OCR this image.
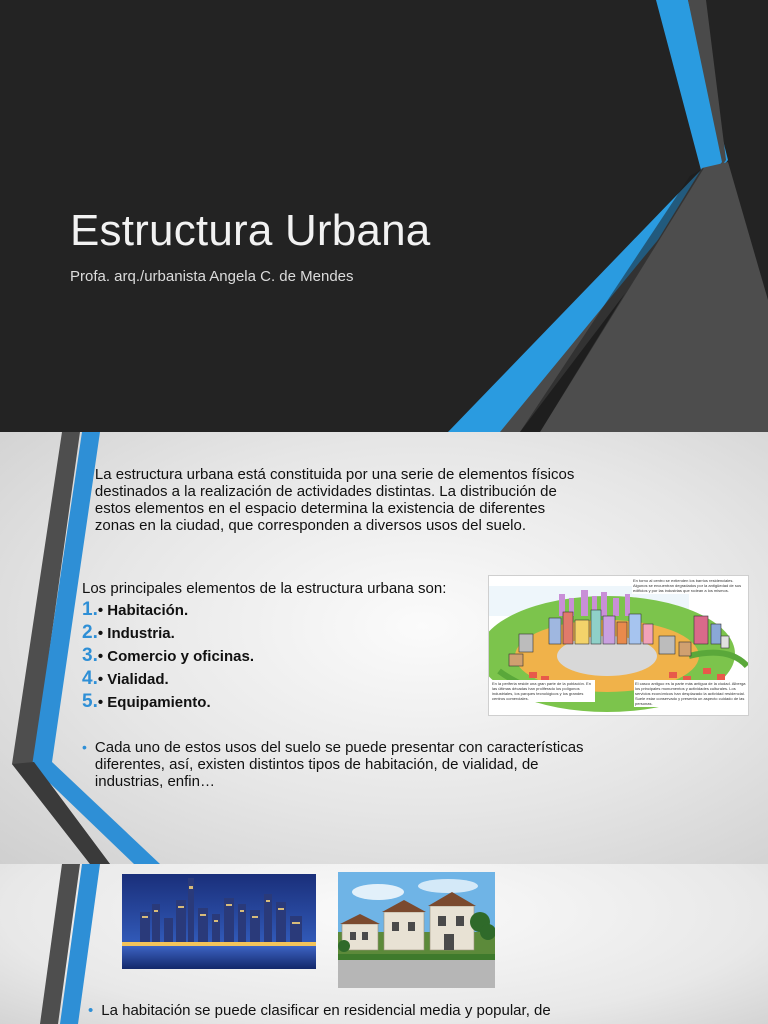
Estructura Urbana

Profa. arq./urbanista Angela C. de Mendes

• La estructura urbana está constituida por una serie de elementos físicos destinados a la realización de actividades distintas. La distribución de estos elementos en el espacio determina la existencia de diferentes zonas en la ciudad, que corresponden a diversos usos del suelo.

Los principales elementos de la estructura urbana son:

1. • Habitación.
2. • Industria.
3. • Comercio y oficinas.
4. • Vialidad.
5. • Equipamiento.
En torno al centro se extienden los barrios residenciales. Algunos se encuentran degradados por la antigüedad de sus edificios y por las industrias que rodean a los mismos.
En la periferia reside una gran parte de la población. En las últimas décadas han proliferado los polígonos industriales, los parques tecnológicos y los grandes centros comerciales.
El casco antiguo es la parte más antigua de la ciudad. Alberga los principales monumentos y actividades culturales. Los servicios económicos han desplazado la actividad residencial. Suele estar conservado y presenta un aspecto cuidado de las personas.
• Cada uno de estos usos del suelo se puede presentar con características diferentes, así, existen distintos tipos de habitación, de vialidad, de industrias, enfin…
• La habitación se puede clasificar en residencial media y popular, de
